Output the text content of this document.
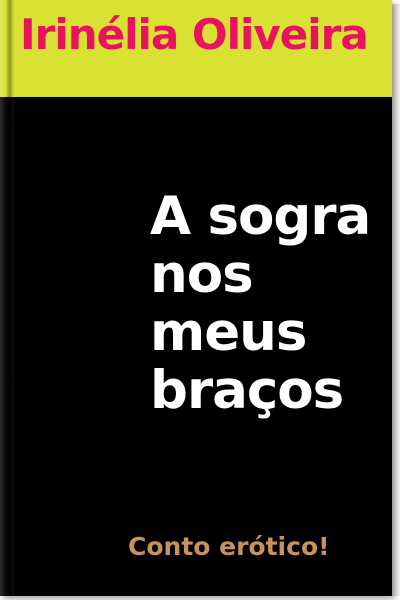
Irinélia Oliveira
A sogra
nos
meus
braços

Conto erótico!
